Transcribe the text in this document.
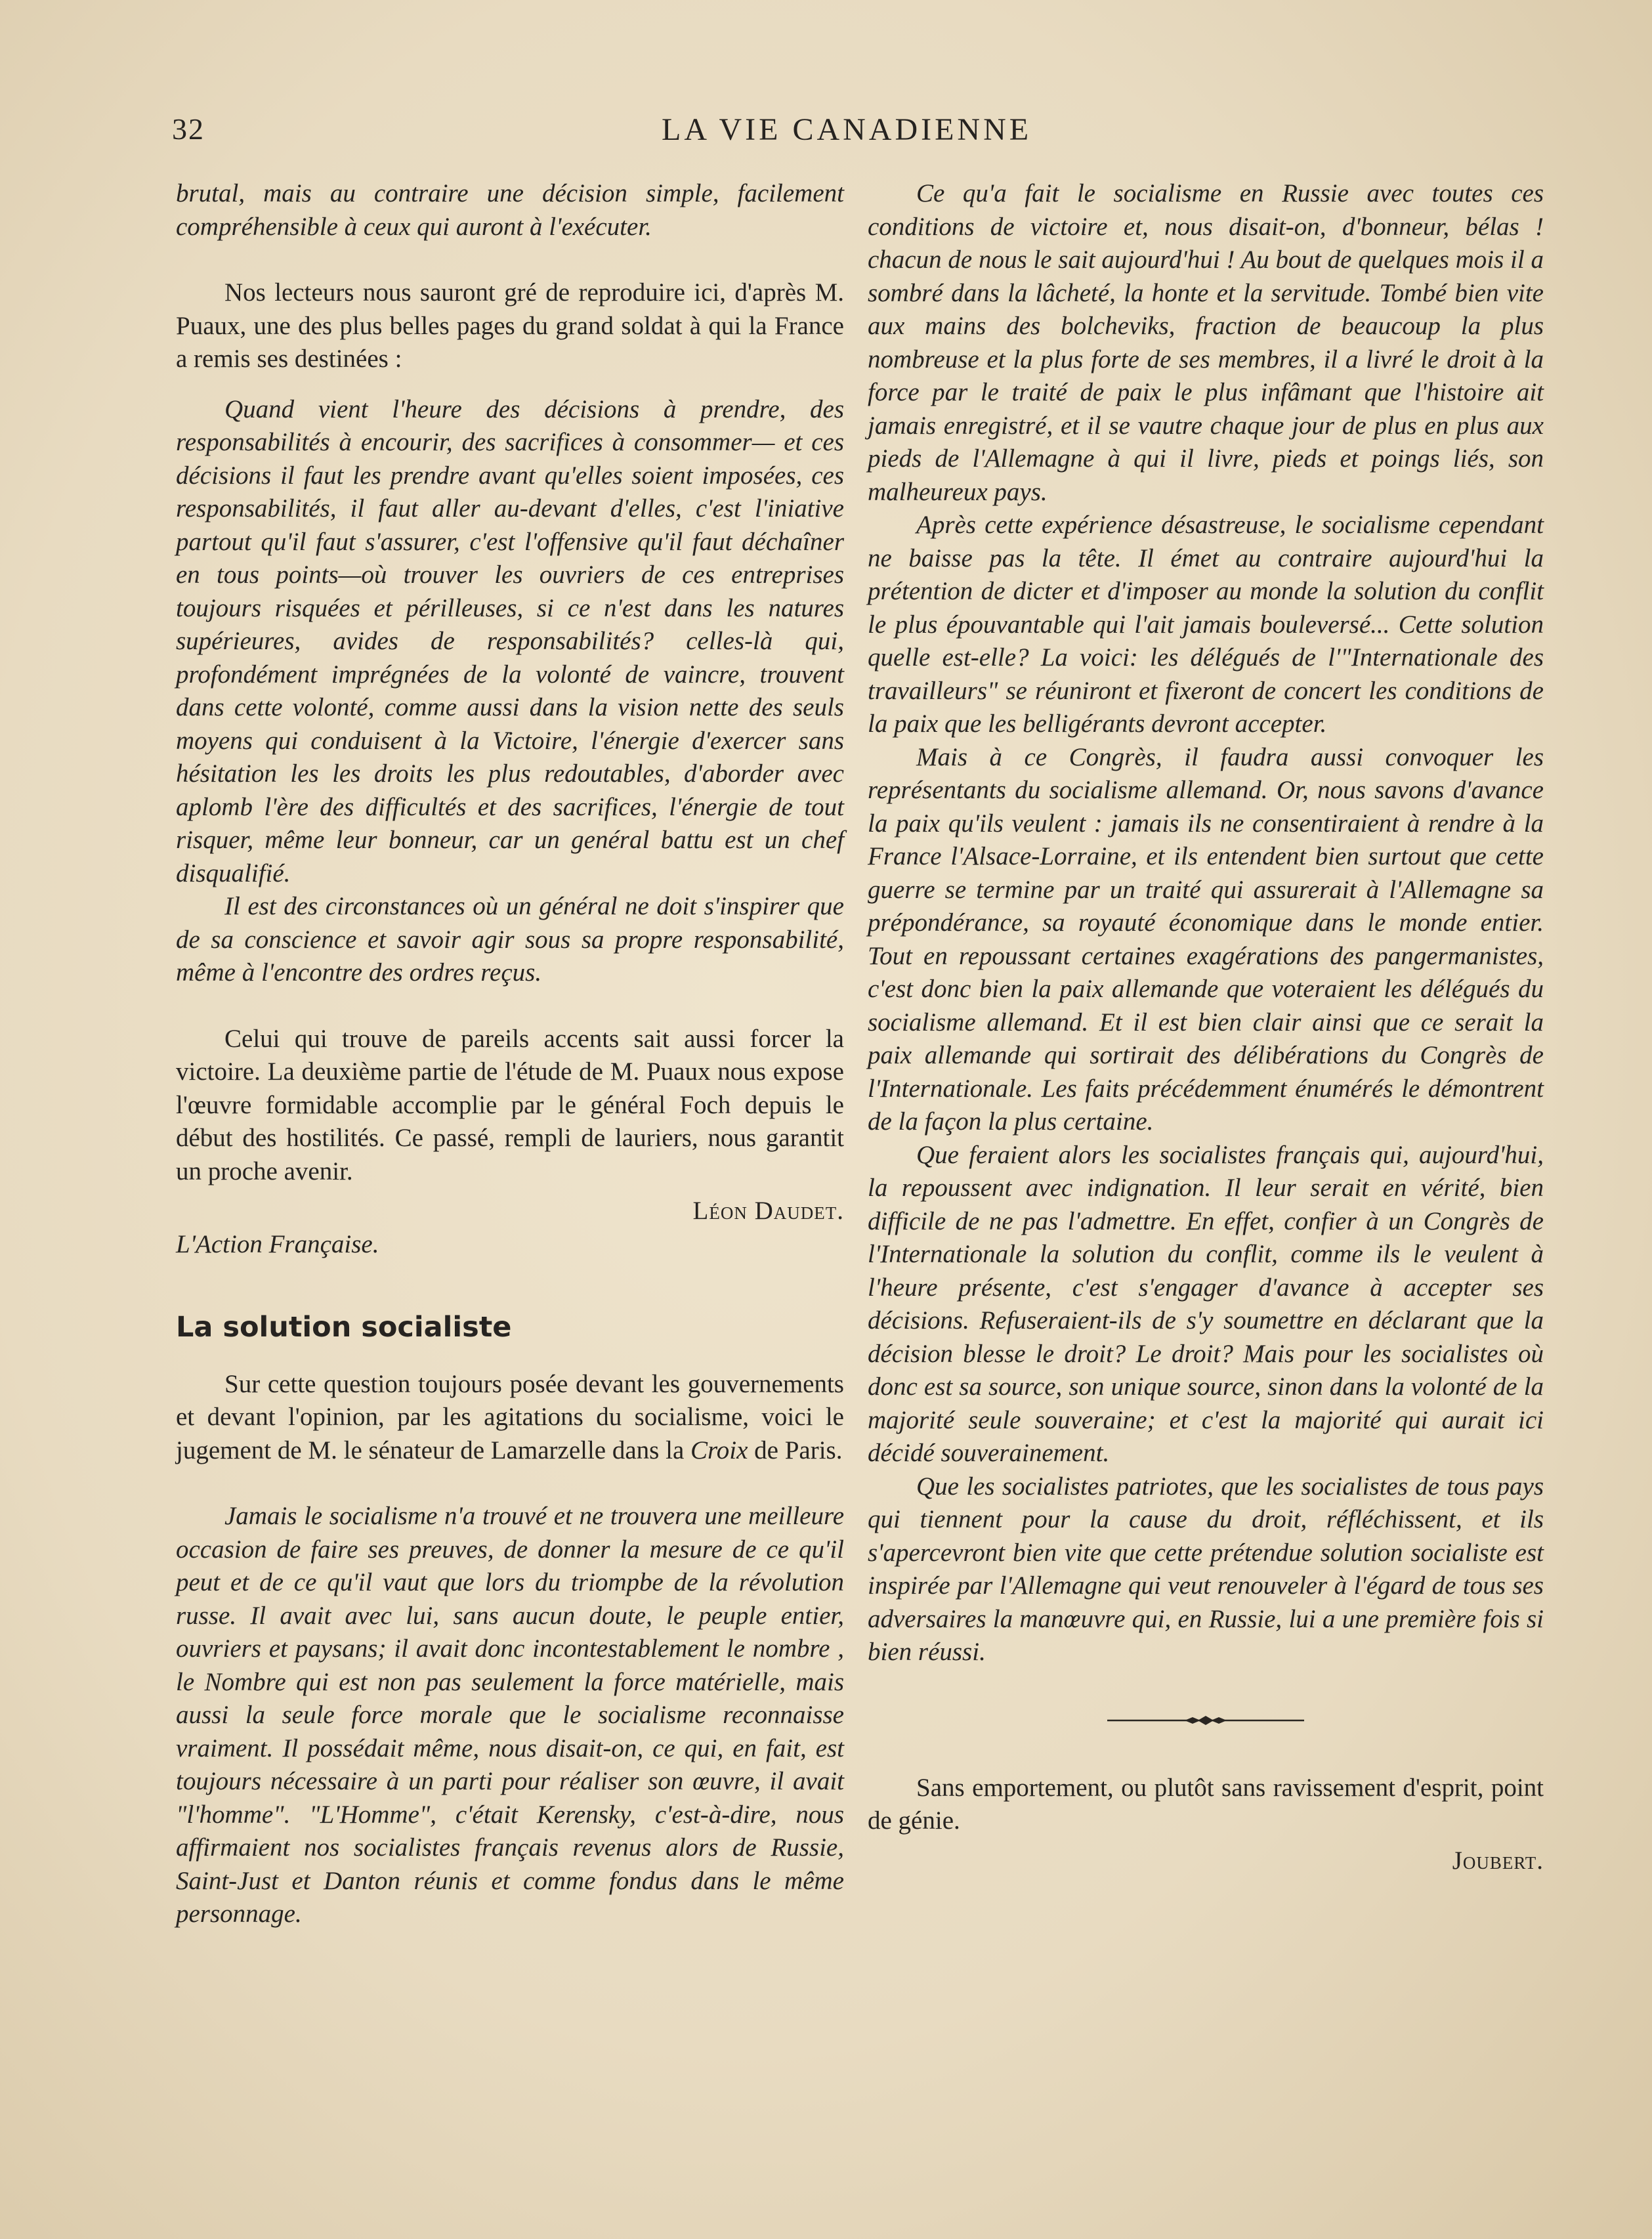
32	LA VIE CANADIENNE

brutal, mais au contraire une décision simple, facilement compréhensible à ceux qui auront à l'exécuter.

Nos lecteurs nous sauront gré de reproduire ici, d'après M. Puaux, une des plus belles pages du grand soldat à qui la France a remis ses destinées :

Quand vient l'heure des décisions à prendre, des responsabilités à encourir, des sacrifices à consommer— et ces décisions il faut les prendre avant qu'elles soient imposées, ces responsabilités, il faut aller au-devant d'elles, c'est l'iniative partout qu'il faut s'assurer, c'est l'offensive qu'il faut déchaîner en tous points—où trouver les ouvriers de ces entreprises toujours risquées et périlleuses, si ce n'est dans les natures supérieures, avides de responsabilités? celles-là qui, profondément imprégnées de la volonté de vaincre, trouvent dans cette volonté, comme aussi dans la vision nette des seuls moyens qui conduisent à la Victoire, l'énergie d'exercer sans hésitation les les droits les plus redoutables, d'aborder avec aplomb l'ère des difficultés et des sacrifices, l'énergie de tout risquer, même leur bonneur, car un genéral battu est un chef disqualifié.

Il est des circonstances où un général ne doit s'inspirer que de sa conscience et savoir agir sous sa propre responsabilité, même à l'encontre des ordres reçus.

Celui qui trouve de pareils accents sait aussi forcer la victoire. La deuxième partie de l'étude de M. Puaux nous expose l'œuvre formidable accomplie par le général Foch depuis le début des hostilités. Ce passé, rempli de lauriers, nous garantit un proche avenir.

Léon Daudet.

L'Action Française.

La solution socialiste

Sur cette question toujours posée devant les gouvernements et devant l'opinion, par les agitations du socialisme, voici le jugement de M. le sénateur de Lamarzelle dans la Croix de Paris.

Jamais le socialisme n'a trouvé et ne trouvera une meilleure occasion de faire ses preuves, de donner la mesure de ce qu'il peut et de ce qu'il vaut que lors du triompbe de la révolution russe. Il avait avec lui, sans aucun doute, le peuple entier, ouvriers et paysans; il avait donc incontestablement le nombre , le Nombre qui est non pas seulement la force matérielle, mais aussi la seule force morale que le socialisme reconnaisse vraiment. Il possédait même, nous disait-on, ce qui, en fait, est toujours nécessaire à un parti pour réaliser son œuvre, il avait "l'homme". "L'Homme", c'était Kerensky, c'est-à-dire, nous affirmaient nos socialistes français revenus alors de Russie, Saint-Just et Danton réunis et comme fondus dans le même personnage.

Ce qu'a fait le socialisme en Russie avec toutes ces conditions de victoire et, nous disait-on, d'bonneur, bélas ! chacun de nous le sait aujourd'hui ! Au bout de quelques mois il a sombré dans la lâcheté, la honte et la servitude. Tombé bien vite aux mains des bolcheviks, fraction de beaucoup la plus nombreuse et la plus forte de ses membres, il a livré le droit à la force par le traité de paix le plus infâmant que l'histoire ait jamais enregistré, et il se vautre chaque jour de plus en plus aux pieds de l'Allemagne à qui il livre, pieds et poings liés, son malheureux pays.

Après cette expérience désastreuse, le socialisme cependant ne baisse pas la tête. Il émet au contraire aujourd'hui la prétention de dicter et d'imposer au monde la solution du conflit le plus épouvantable qui l'ait jamais bouleversé... Cette solution quelle est-elle? La voici: les délégués de l'"Internationale des travailleurs" se réuniront et fixeront de concert les conditions de la paix que les belligérants devront accepter.

Mais à ce Congrès, il faudra aussi convoquer les représentants du socialisme allemand. Or, nous savons d'avance la paix qu'ils veulent : jamais ils ne consentiraient à rendre à la France l'Alsace-Lorraine, et ils entendent bien surtout que cette guerre se termine par un traité qui assurerait à l'Allemagne sa prépondérance, sa royauté économique dans le monde entier. Tout en repoussant certaines exagérations des pangermanistes, c'est donc bien la paix allemande que voteraient les délégués du socialisme allemand. Et il est bien clair ainsi que ce serait la paix allemande qui sortirait des délibérations du Congrès de l'Internationale. Les faits précédemment énumérés le démontrent de la façon la plus certaine.

Que feraient alors les socialistes français qui, aujourd'hui, la repoussent avec indignation. Il leur serait en vérité, bien difficile de ne pas l'admettre. En effet, confier à un Congrès de l'Internationale la solution du conflit, comme ils le veulent à l'heure présente, c'est s'engager d'avance à accepter ses décisions. Refuseraient-ils de s'y soumettre en déclarant que la décision blesse le droit? Le droit? Mais pour les socialistes où donc est sa source, son unique source, sinon dans la volonté de la majorité seule souveraine; et c'est la majorité qui aurait ici décidé souverainement.

Que les socialistes patriotes, que les socialistes de tous pays qui tiennent pour la cause du droit, réfléchissent, et ils s'apercevront bien vite que cette prétendue solution socialiste est inspirée par l'Allemagne qui veut renouveler à l'égard de tous ses adversaires la manœuvre qui, en Russie, lui a une première fois si bien réussi.

Sans emportement, ou plutôt sans ravissement d'esprit, point de génie.

Joubert.
